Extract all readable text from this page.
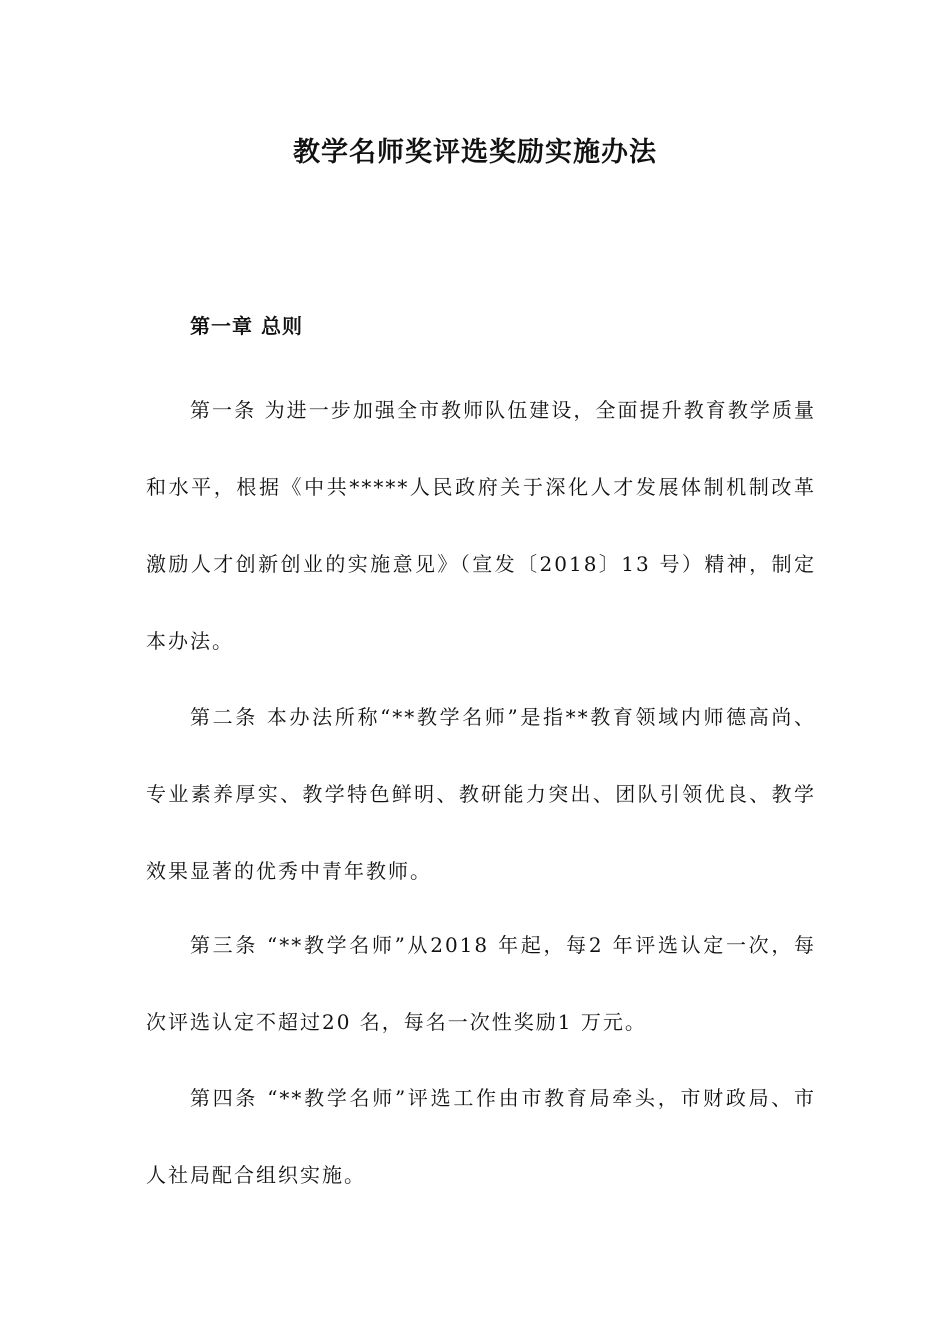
教学名师奖评选奖励实施办法
第一章 总则

第一条 为进一步加强全市教师队伍建设，全面提升教育教学质量和水平，根据《中共*****人民政府关于深化人才发展体制机制改革激励人才创新创业的实施意见》（宣发〔2018〕13 号）精神，制定本办法。

第二条 本办法所称“**教学名师”是指**教育领域内师德高尚、专业素养厚实、教学特色鲜明、教研能力突出、团队引领优良、教学效果显著的优秀中青年教师。

第三条 “**教学名师”从2018 年起，每2 年评选认定一次，每次评选认定不超过20 名，每名一次性奖励1 万元。

第四条 “**教学名师”评选工作由市教育局牵头，市财政局、市人社局配合组织实施。
